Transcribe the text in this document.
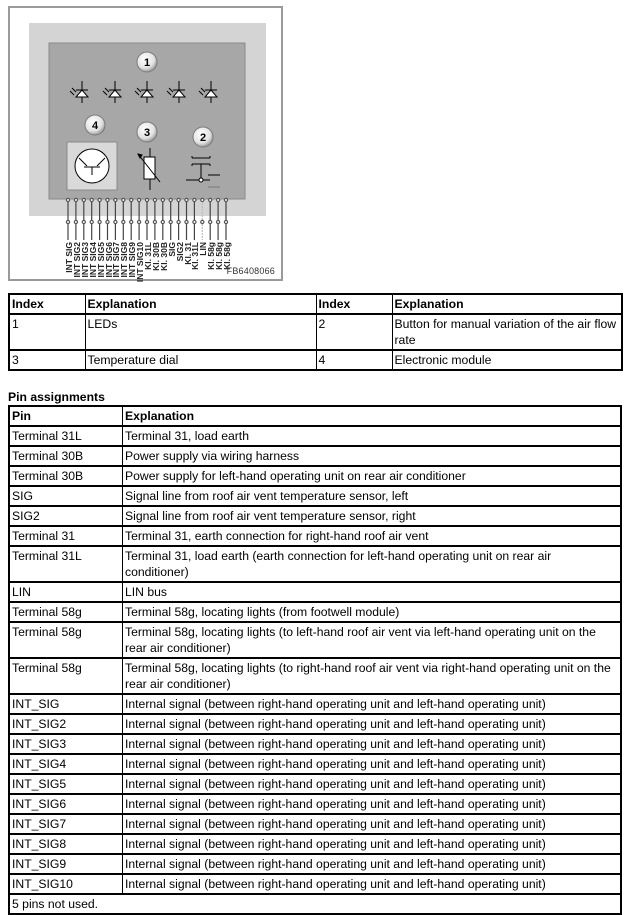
1
4
3	2
INT SIG
INT SIG2
INT SIG3
INT SIG4
INT SIG5
INT SIG6
INT SIG7
INT SIG8
INT SIG9
INT SIG10
Kl. 31L
Kl. 30B
Kl. 30B
SIG
SIG2
Kl. 31
Kl. 31L
LIN
Kl. 58g
Kl. 58g
Kl. 58g
FB6408066
Index	Explanation	Index	Explanation
1	LEDs	2	Button for manual variation of the air flow rate
3	Temperature dial	4	Electronic module
Pin assignments
Pin	Explanation
Terminal 31L	Terminal 31, load earth
Terminal 30B	Power supply via wiring harness
Terminal 30B	Power supply for left-hand operating unit on rear air conditioner
SIG	Signal line from roof air vent temperature sensor, left
SIG2	Signal line from roof air vent temperature sensor, right
Terminal 31	Terminal 31, earth connection for right-hand roof air vent
Terminal 31L	Terminal 31, load earth (earth connection for left-hand operating unit on rear air conditioner)
LIN	LIN bus
Terminal 58g	Terminal 58g, locating lights (from footwell module)
Terminal 58g	Terminal 58g, locating lights (to left-hand roof air vent via left-hand operating unit on the rear air conditioner)
Terminal 58g	Terminal 58g, locating lights (to right-hand roof air vent via right-hand operating unit on the rear air conditioner)
INT_SIG	Internal signal (between right-hand operating unit and left-hand operating unit)
INT_SIG2	Internal signal (between right-hand operating unit and left-hand operating unit)
INT_SIG3	Internal signal (between right-hand operating unit and left-hand operating unit)
INT_SIG4	Internal signal (between right-hand operating unit and left-hand operating unit)
INT_SIG5	Internal signal (between right-hand operating unit and left-hand operating unit)
INT_SIG6	Internal signal (between right-hand operating unit and left-hand operating unit)
INT_SIG7	Internal signal (between right-hand operating unit and left-hand operating unit)
INT_SIG8	Internal signal (between right-hand operating unit and left-hand operating unit)
INT_SIG9	Internal signal (between right-hand operating unit and left-hand operating unit)
INT_SIG10	Internal signal (between right-hand operating unit and left-hand operating unit)
5 pins not used.	
